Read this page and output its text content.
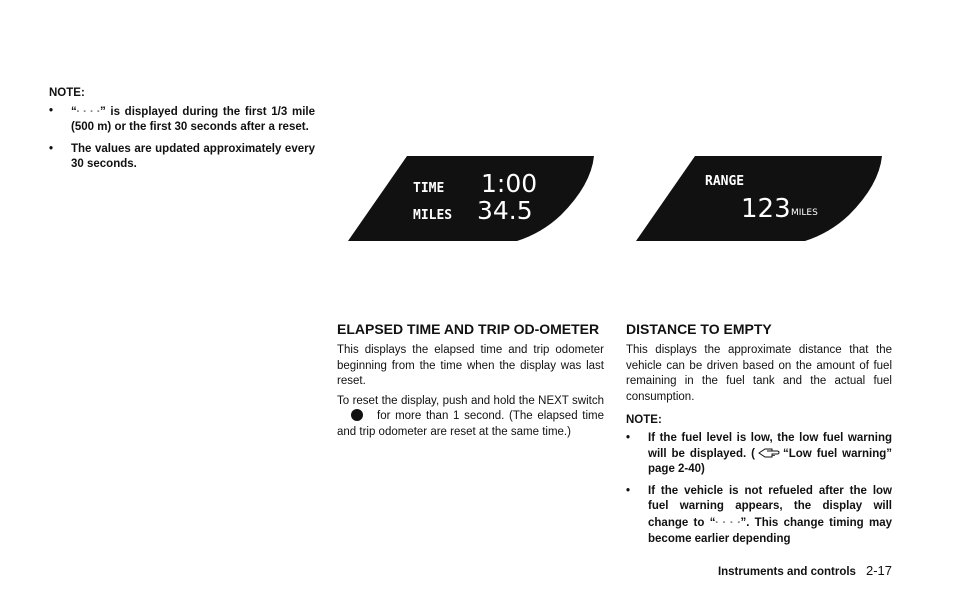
NOTE:
• “- - - -” is displayed during the first 1/3 mile (500 m) or the first 30 seconds after a reset.
• The values are updated approximately every 30 seconds.
TIME 1:00
MILES 34.5
RANGE
123 MILES
ELAPSED TIME AND TRIP OD-OMETER

This displays the elapsed time and trip odometer beginning from the time when the display was last reset.

To reset the display, push and hold the NEXT switchfor more than 1 second. (The elapsed time and trip odometer are reset at the same time.)

DISTANCE TO EMPTY

This displays the approximate distance that the vehicle can be driven based on the amount of fuel remaining in the fuel tank and the actual fuel consumption.

NOTE:
• If the fuel level is low, the low fuel warning will be displayed. ( “Low fuel warning” page 2-40)
• If the vehicle is not refueled after the low fuel warning appears, the display will change to “- - - -”. This change timing may become earlier depending
Instruments and controls 2-17
